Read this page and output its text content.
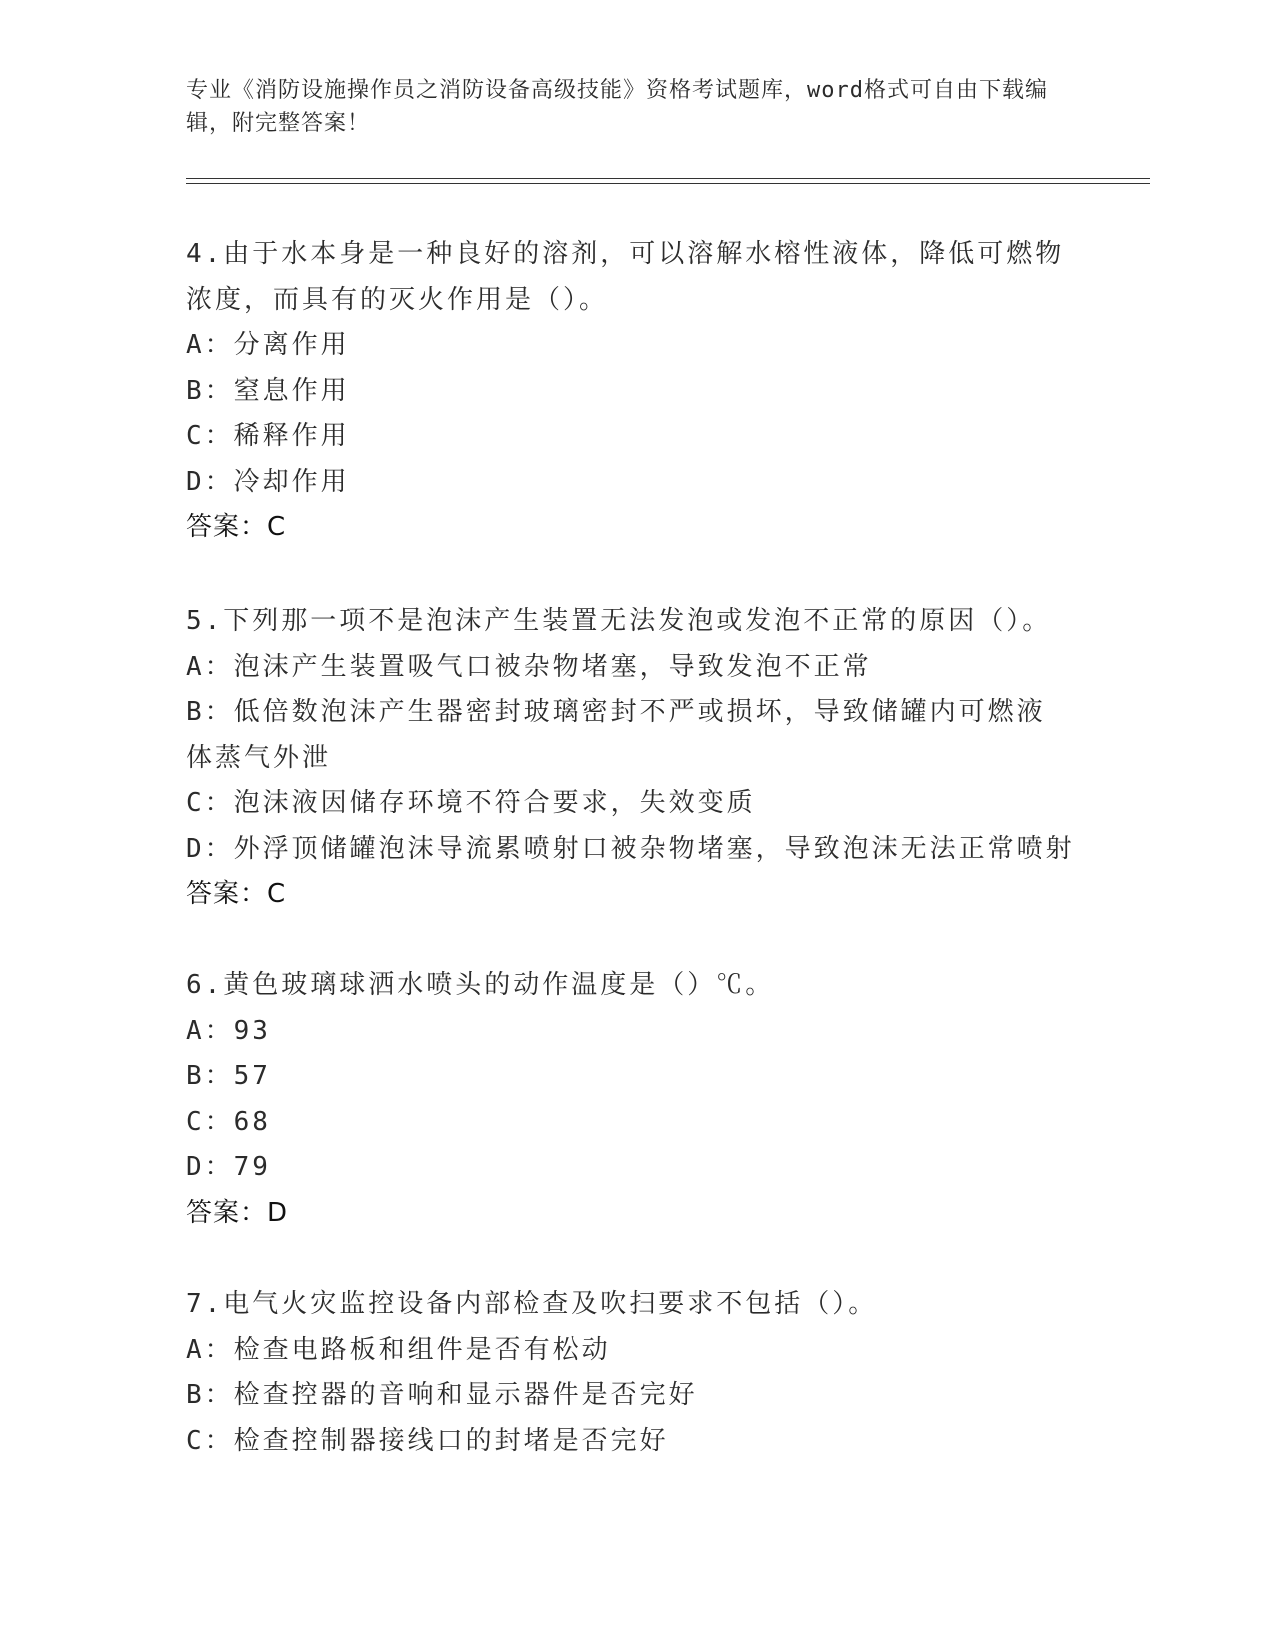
专业《消防设施操作员之消防设备高级技能》资格考试题库，word格式可自由下载编辑，附完整答案！
4.由于水本身是一种良好的溶剂，可以溶解水榕性液体，降低可燃物浓度，而具有的灭火作用是（）。
A：分离作用
B：窒息作用
C：稀释作用
D：冷却作用
答案：C
5.下列那一项不是泡沫产生装置无法发泡或发泡不正常的原因（）。
A：泡沫产生装置吸气口被杂物堵塞，导致发泡不正常
B：低倍数泡沫产生器密封玻璃密封不严或损坏，导致储罐内可燃液体蒸气外泄
C：泡沫液因储存环境不符合要求，失效变质
D：外浮顶储罐泡沫导流累喷射口被杂物堵塞，导致泡沫无法正常喷射
答案：C
6.黄色玻璃球洒水喷头的动作温度是（）℃。
A：93
B：57
C：68
D：79
答案：D
7.电气火灾监控设备内部检查及吹扫要求不包括（）。
A：检查电路板和组件是否有松动
B：检查控器的音响和显示器件是否完好
C：检查控制器接线口的封堵是否完好
